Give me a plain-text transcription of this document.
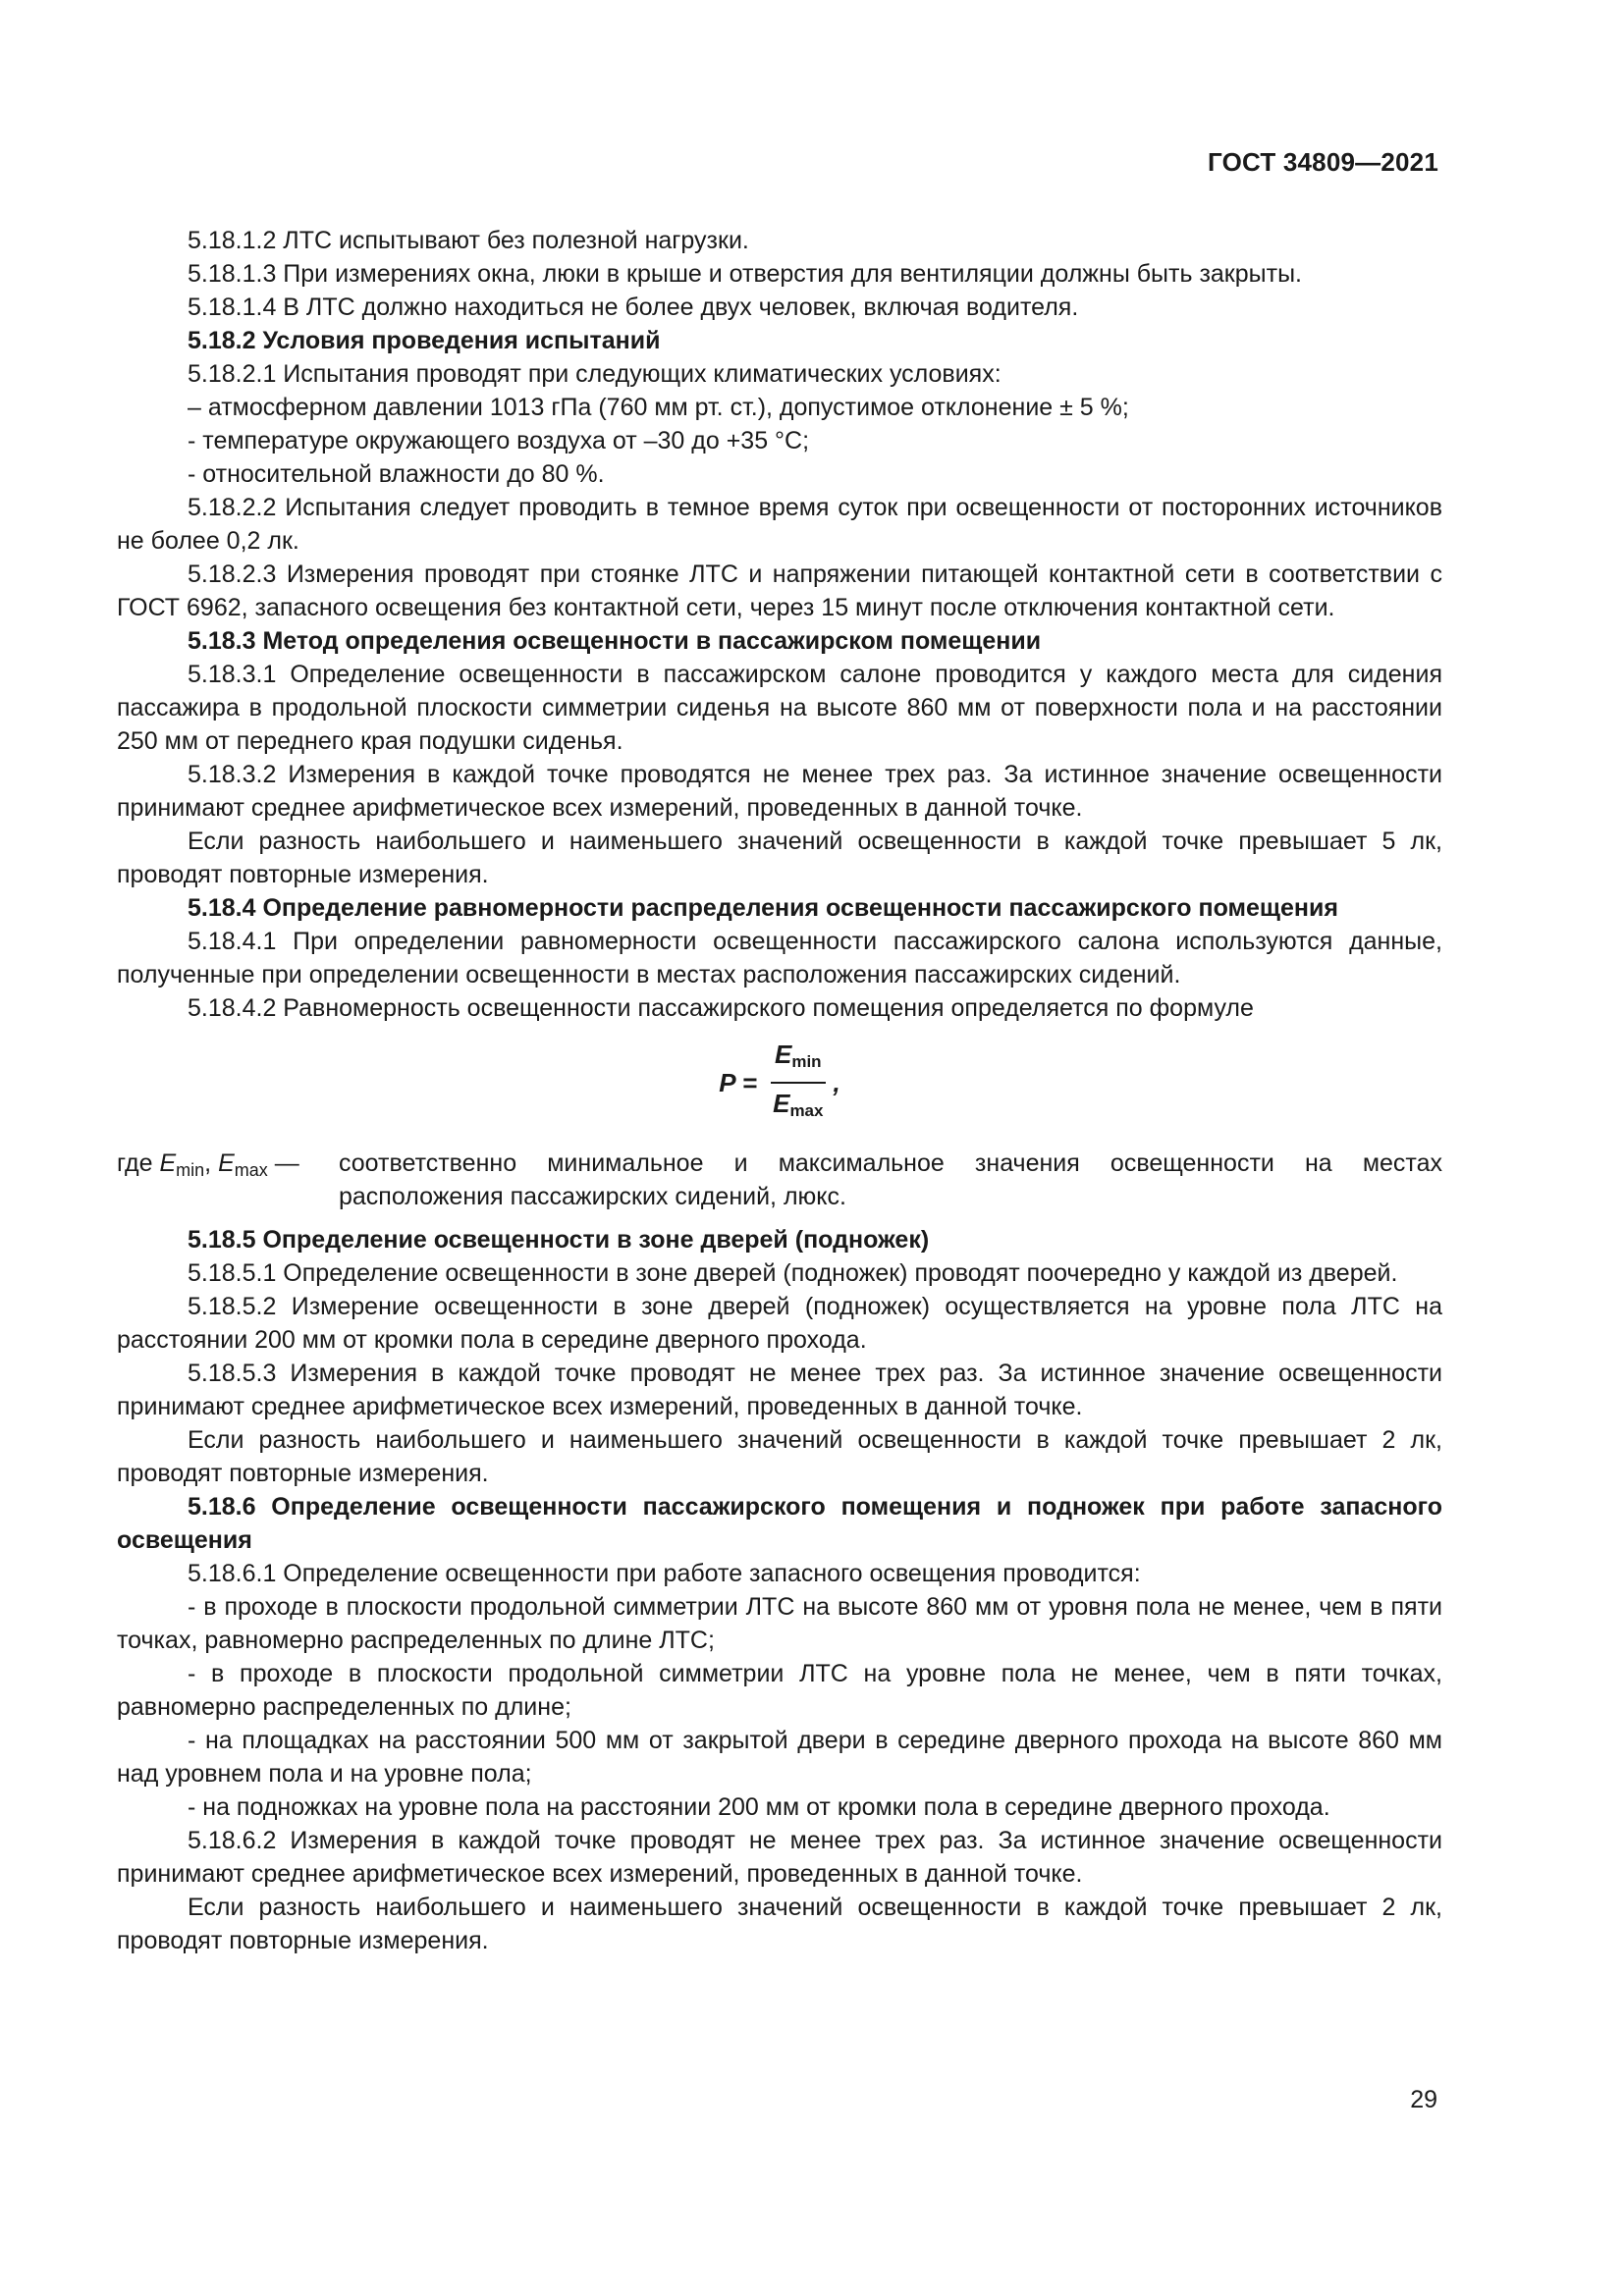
ГОСТ 34809—2021

5.18.1.2 ЛТС испытывают без полезной нагрузки.

5.18.1.3 При измерениях окна, люки в крыше и отверстия для вентиляции должны быть закрыты.

5.18.1.4 В ЛТС должно находиться не более двух человек, включая водителя.

5.18.2 Условия проведения испытаний

5.18.2.1 Испытания проводят при следующих климатических условиях:

– атмосферном давлении 1013 гПа (760 мм рт. ст.), допустимое отклонение ± 5 %;

- температуре окружающего воздуха от –30 до +35 °С;

- относительной влажности до 80 %.

5.18.2.2 Испытания следует проводить в темное время суток при освещенности от посторонних источников не более 0,2 лк.

5.18.2.3 Измерения проводят при стоянке ЛТС и напряжении питающей контактной сети в соответствии с ГОСТ 6962, запасного освещения без контактной сети, через 15 минут после отключения контактной сети.

5.18.3 Метод определения освещенности в пассажирском помещении

5.18.3.1 Определение освещенности в пассажирском салоне проводится у каждого места для сидения пассажира в продольной плоскости симметрии сиденья на высоте 860 мм от поверхности пола и на расстоянии 250 мм от переднего края подушки сиденья.

5.18.3.2 Измерения в каждой точке проводятся не менее трех раз. За истинное значение освещенности принимают среднее арифметическое всех измерений, проведенных в данной точке.

Если разность наибольшего и наименьшего значений освещенности в каждой точке превышает 5 лк, проводят повторные измерения.

5.18.4 Определение равномерности распределения освещенности пассажирского помещения

5.18.4.1 При определении равномерности освещенности пассажирского салона используются данные, полученные при определении освещенности в местах расположения пассажирских сидений.

5.18.4.2 Равномерность освещенности пассажирского помещения определяется по формуле

$P = \frac{E_{min}}{E_{max}}$ ,
где $E_{min}$, $E_{max}$ —	соответственно минимальное и максимальное значения освещенности на местах расположения пассажирских сидений, люкс.

5.18.5 Определение освещенности в зоне дверей (подножек)

5.18.5.1 Определение освещенности в зоне дверей (подножек) проводят поочередно у каждой из дверей.

5.18.5.2 Измерение освещенности в зоне дверей (подножек) осуществляется на уровне пола ЛТС на расстоянии 200 мм от кромки пола в середине дверного прохода.

5.18.5.3 Измерения в каждой точке проводят не менее трех раз. За истинное значение освещенности принимают среднее арифметическое всех измерений, проведенных в данной точке.

Если разность наибольшего и наименьшего значений освещенности в каждой точке превышает 2 лк, проводят повторные измерения.

5.18.6 Определение освещенности пассажирского помещения и подножек при работе запасного освещения

5.18.6.1 Определение освещенности при работе запасного освещения проводится:

- в проходе в плоскости продольной симметрии ЛТС на высоте 860 мм от уровня пола не менее, чем в пяти точках, равномерно распределенных по длине ЛТС;

- в проходе в плоскости продольной симметрии ЛТС на уровне пола не менее, чем в пяти точках, равномерно распределенных по длине;

- на площадках на расстоянии 500 мм от закрытой двери в середине дверного прохода на высоте 860 мм над уровнем пола и на уровне пола;

- на подножках на уровне пола на расстоянии 200 мм от кромки пола в середине дверного прохода.

5.18.6.2 Измерения в каждой точке проводят не менее трех раз. За истинное значение освещенности принимают среднее арифметическое всех измерений, проведенных в данной точке.

Если разность наибольшего и наименьшего значений освещенности в каждой точке превышает 2 лк, проводят повторные измерения.

29
